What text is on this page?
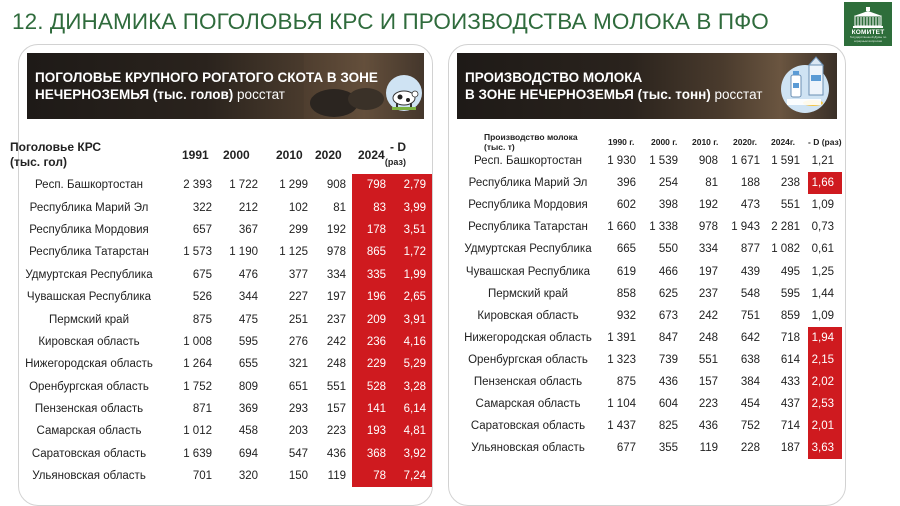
12. ДИНАМИКА ПОГОЛОВЬЯ КРС И ПРОИЗВОДСТВА МОЛОКА В ПФО	КОМИТЕТ
Государственной Думы по аграрным вопросам
ПОГОЛОВЬЕ КРУПНОГО РОГАТОГО СКОТА В ЗОНЕ
НЕЧЕРНОЗЕМЬЯ (тыс. голов) росстат
Поголовье КРС
(тыс. гол)	1991 2000 2010 2020 2024
- D
(раз)
Респ. Башкортостан	2 393	1 722	1 299	908	798	2,79
Республика Марий Эл	322	212	102	81	83	3,99
Республика Мордовия	657	367	299	192	178	3,51
Республика Татарстан	1 573	1 190	1 125	978	865	1,72
Удмуртская Республика	675	476	377	334	335	1,99
Чувашская Республика	526	344	227	197	196	2,65
Пермский край	875	475	251	237	209	3,91
Кировская область	1 008	595	276	242	236	4,16
Нижегородская область	1 264	655	321	248	229	5,29
Оренбургская область	1 752	809	651	551	528	3,28
Пензенская область	871	369	293	157	141	6,14
Самарская область	1 012	458	203	223	193	4,81
Саратовская область	1 639	694	547	436	368	3,92
Ульяновская область	701	320	150	119	78	7,24
ПРОИЗВОДСТВО МОЛОКА
В ЗОНЕ НЕЧЕРНОЗЕМЬЯ (тыс. тонн) росстат
Производство молока
(тыс. т)	1990 г. 2000 г. 2010 г. 2020г. 2024г. - D (раз)
Респ. Башкортостан	1 930	1 539	908	1 671	1 591	1,21
Республика Марий Эл	396	254	81	188	238	1,66
Республика Мордовия	602	398	192	473	551	1,09
Республика Татарстан	1 660	1 338	978	1 943	2 281	0,73
Удмуртская Республика	665	550	334	877	1 082	0,61
Чувашская Республика	619	466	197	439	495	1,25
Пермский край	858	625	237	548	595	1,44
Кировская область	932	673	242	751	859	1,09
Нижегородская область	1 391	847	248	642	718	1,94
Оренбургская область	1 323	739	551	638	614	2,15
Пензенская область	875	436	157	384	433	2,02
Самарская область	1 104	604	223	454	437	2,53
Саратовская область	1 437	825	436	752	714	2,01
Ульяновская область	677	355	119	228	187	3,63
